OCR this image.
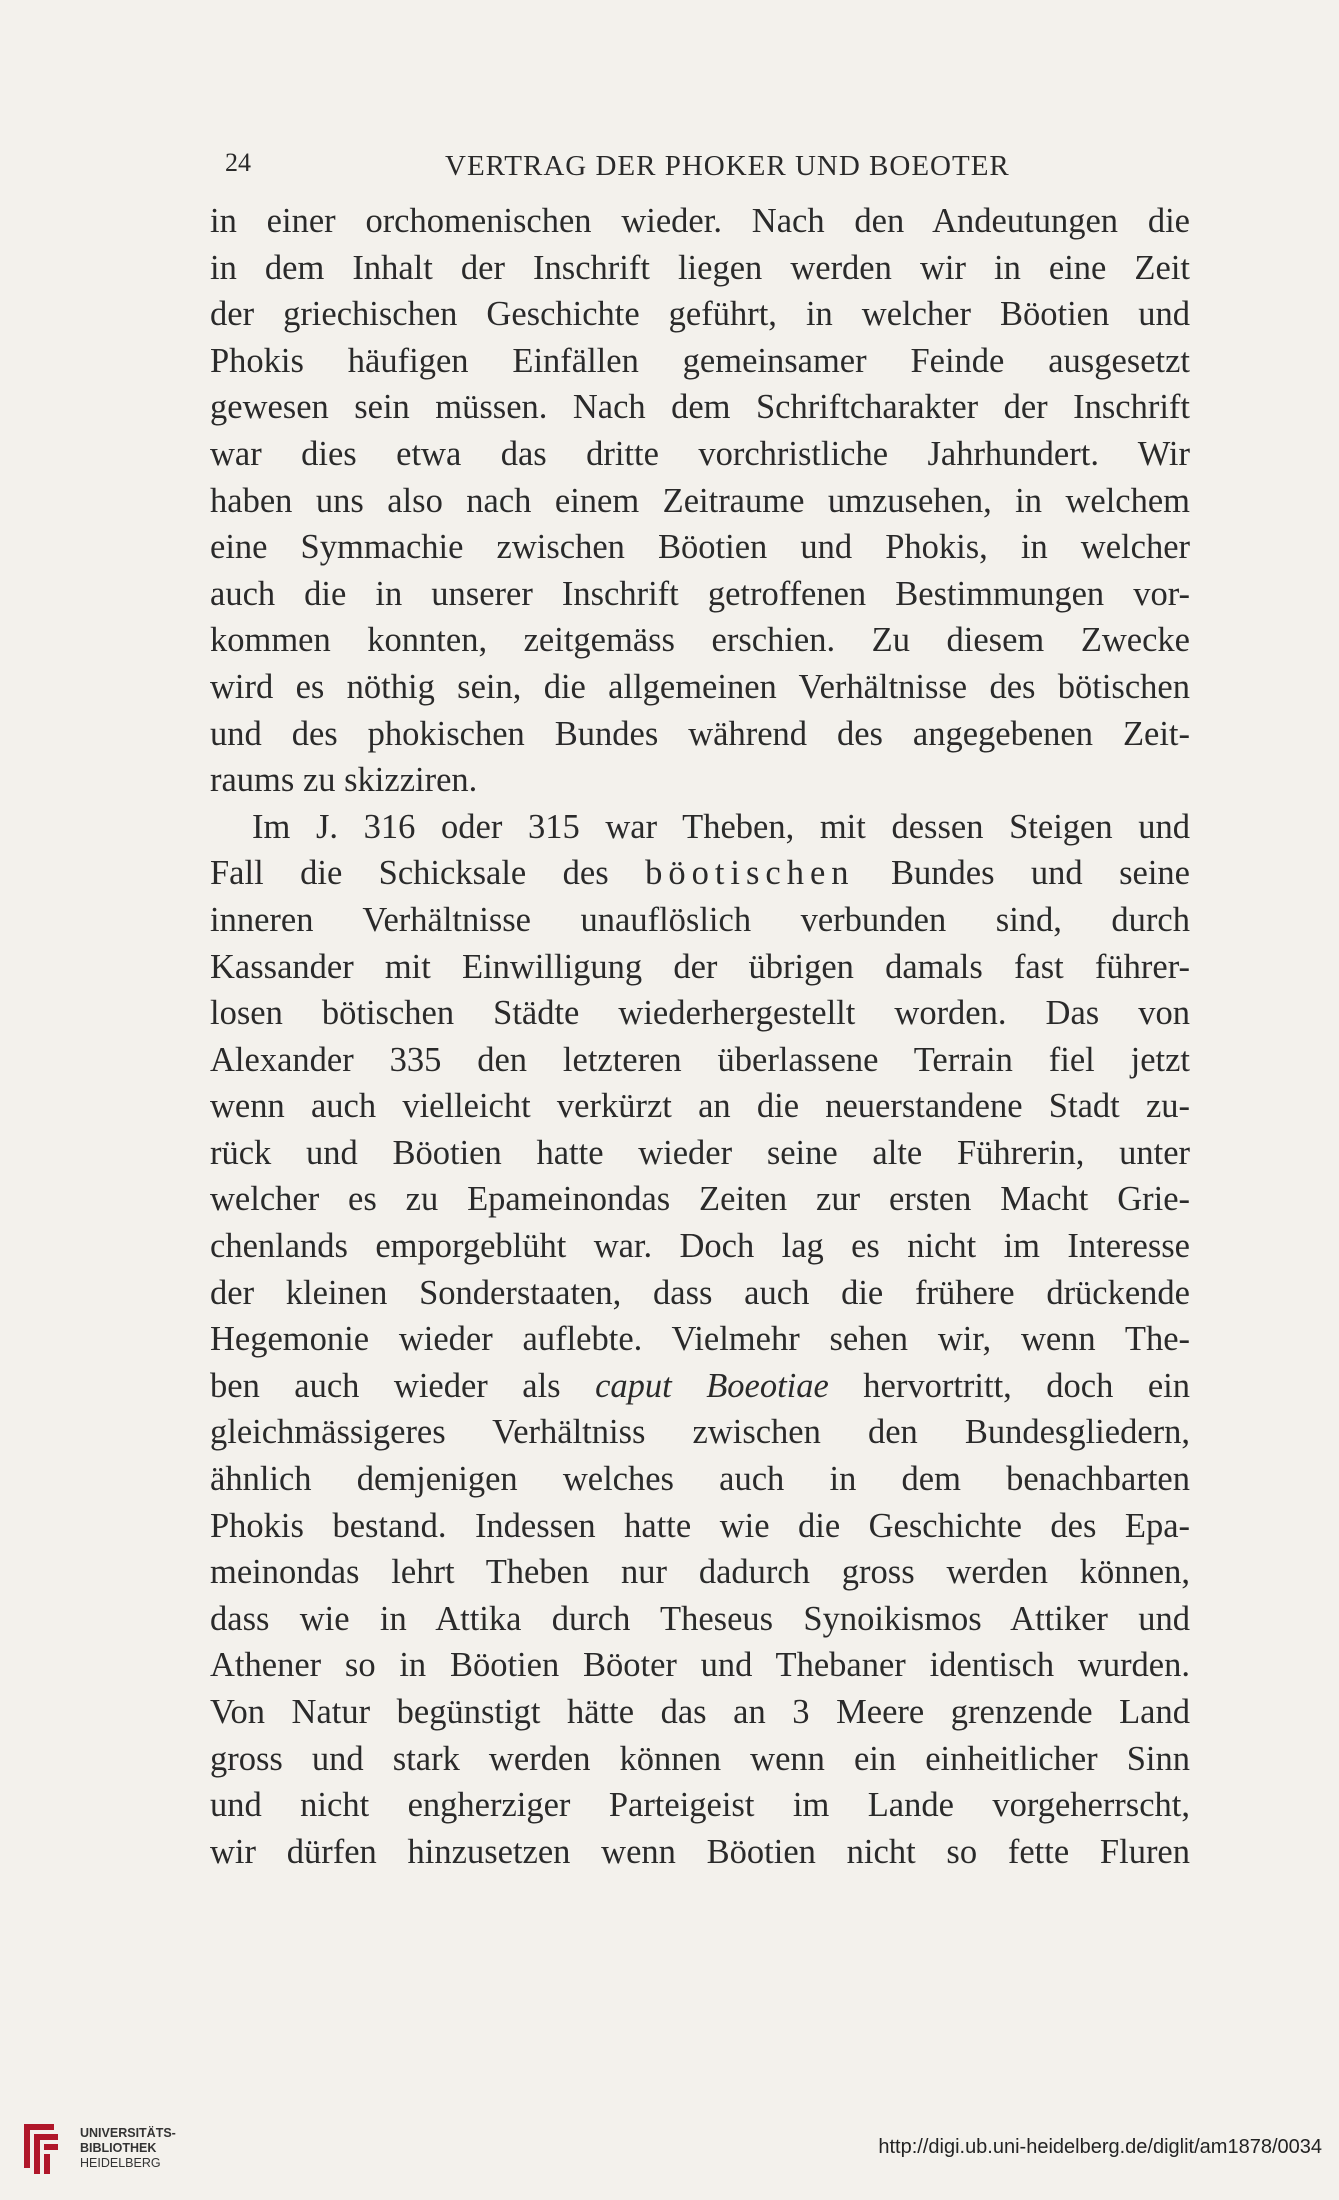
24	VERTRAG DER PHOKER UND BOEOTER
in einer orchomenischen wieder. Nach den Andeutungen die
in dem Inhalt der Inschrift liegen werden wir in eine Zeit
der griechischen Geschichte geführt, in welcher Böotien und
Phokis häufigen Einfällen gemeinsamer Feinde ausgesetzt
gewesen sein müssen. Nach dem Schriftcharakter der Inschrift
war dies etwa das dritte vorchristliche Jahrhundert. Wir
haben uns also nach einem Zeitraume umzusehen, in welchem
eine Symmachie zwischen Böotien und Phokis, in welcher
auch die in unserer Inschrift getroffenen Bestimmungen vor-
kommen konnten, zeitgemäss erschien. Zu diesem Zwecke
wird es nöthig sein, die allgemeinen Verhältnisse des bötischen
und des phokischen Bundes während des angegebenen Zeit-
raums zu skizziren.
Im J. 316 oder 315 war Theben, mit dessen Steigen und
Fall die Schicksale des böotischen Bundes und seine
inneren Verhältnisse unauflöslich verbunden sind, durch
Kassander mit Einwilligung der übrigen damals fast führer-
losen bötischen Städte wiederhergestellt worden. Das von
Alexander 335 den letzteren überlassene Terrain fiel jetzt
wenn auch vielleicht verkürzt an die neuerstandene Stadt zu-
rück und Böotien hatte wieder seine alte Führerin, unter
welcher es zu Epameinondas Zeiten zur ersten Macht Grie-
chenlands emporgeblüht war. Doch lag es nicht im Interesse
der kleinen Sonderstaaten, dass auch die frühere drückende
Hegemonie wieder auflebte. Vielmehr sehen wir, wenn The-
ben auch wieder als caput Boeotiae hervortritt, doch ein
gleichmässigeres Verhältniss zwischen den Bundesgliedern,
ähnlich demjenigen welches auch in dem benachbarten
Phokis bestand. Indessen hatte wie die Geschichte des Epa-
meinondas lehrt Theben nur dadurch gross werden können,
dass wie in Attika durch Theseus Synoikismos Attiker und
Athener so in Böotien Böoter und Thebaner identisch wurden.
Von Natur begünstigt hätte das an 3 Meere grenzende Land
gross und stark werden können wenn ein einheitlicher Sinn
und nicht engherziger Parteigeist im Lande vorgeherrscht,
wir dürfen hinzusetzen wenn Böotien nicht so fette Fluren
UNIVERSITÄTS-
BIBLIOTHEK
HEIDELBERG
http://digi.ub.uni-heidelberg.de/diglit/am1878/0034
